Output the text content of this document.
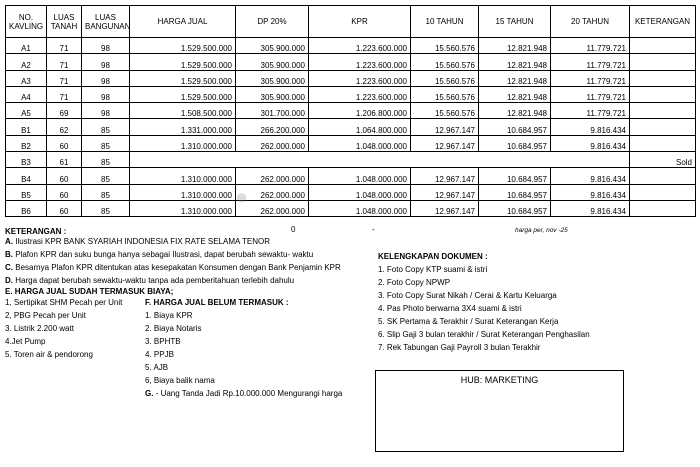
NO. KAVLING	LUAS TANAH	LUAS BANGUNAN	HARGA JUAL	DP 20%	KPR	10 TAHUN	15 TAHUN	20 TAHUN	KETERANGAN
A1	71	98	1.529.500.000	305.900.000	1.223.600.000	15.560.576	12.821.948	11.779.721	
A2	71	98	1.529.500.000	305.900.000	1.223.600.000	15.560.576	12.821.948	11.779.721	
A3	71	98	1.529.500.000	305.900.000	1.223.600.000	15.560.576	12.821.948	11.779.721	
A4	71	98	1.529.500.000	305.900.000	1.223.600.000	15.560.576	12.821.948	11.779.721	
A5	69	98	1.508.500.000	301.700.000	1.206.800.000	15.560.576	12.821.948	11.779.721	
B1	62	85	1.331.000.000	266.200.000	1.064.800.000	12.967.147	10.684.957	9.816.434	
B2	60	85	1.310.000.000	262.000.000	1.048.000.000	12.967.147	10.684.957	9.816.434	
B3	61	85							Sold
B4	60	85	1.310.000.000	262.000.000	1.048.000.000	12.967.147	10.684.957	9.816.434	
B5	60	85	1.310.000.000	262.000.000	1.048.000.000	12.967.147	10.684.957	9.816.434	
B6	60	85	1.310.000.000	262.000.000	1.048.000.000	12.967.147	10.684.957	9.816.434	
●
0	-	harga per, nov -25
KETERANGAN :
A. Ilustrasi KPR BANK SYARIAH INDONESIA FIX RATE SELAMA TENOR
B. Plafon KPR dan suku bunga hanya sebagai Ilustrasi, dapat berubah sewaktu- waktu
C. Besarnya Plafon KPR ditentukan atas kesepakatan Konsumen dengan Bank Penjamin KPR
D. Harga dapat berubah sewaktu-waktu tanpa ada pemberitahuan terlebih dahulu
E. HARGA JUAL SUDAH TERMASUK BIAYA;
1, Sertipikat SHM Pecah per Unit
2, PBG Pecah per Unit
3. Listrik 2.200 watt
4.Jet Pump
5. Toren air & pendorong
F. HARGA JUAL BELUM TERMASUK :
1. Biaya KPR
2. Biaya Notaris
3. BPHTB
4. PPJB
5. AJB
6, Biaya balik nama
G. - Uang Tanda Jadi Rp.10.000.000 Mengurangi harga
KELENGKAPAN DOKUMEN :
1. Foto Copy KTP suami & istri
2. Foto Copy NPWP
3. Foto Copy Surat Nikah / Cerai & Kartu Keluarga
4. Pas Photo berwarna 3X4 suami & istri
5. SK Pertama & Terakhir / Surat Keterangan Kerja
6. Slip Gaji 3 bulan terakhir / Surat Keterangan Penghasilan
7. Rek Tabungan Gaji Payroll 3 bulan Terakhir
HUB: MARKETING
